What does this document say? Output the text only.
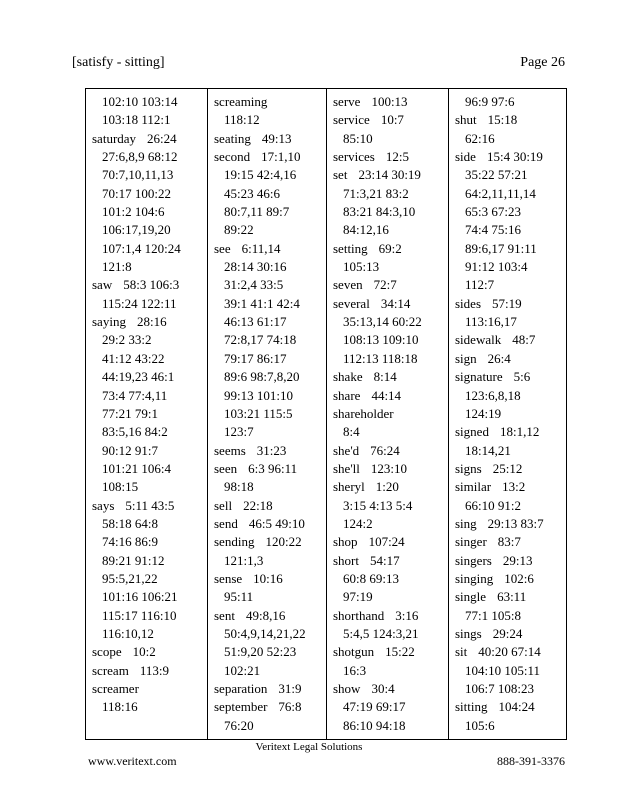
[satisfy - sitting]	Page 26
102:10 103:14
103:18 112:1
saturday 26:24
27:6,8,9 68:12
70:7,10,11,13
70:17 100:22
101:2 104:6
106:17,19,20
107:1,4 120:24
121:8
saw 58:3 106:3
115:24 122:11
saying 28:16
29:2 33:2
41:12 43:22
44:19,23 46:1
73:4 77:4,11
77:21 79:1
83:5,16 84:2
90:12 91:7
101:21 106:4
108:15
says 5:11 43:5
58:18 64:8
74:16 86:9
89:21 91:12
95:5,21,22
101:16 106:21
115:17 116:10
116:10,12
scope 10:2
scream 113:9
screamer
118:16
screaming
118:12
seating 49:13
second 17:1,10
19:15 42:4,16
45:23 46:6
80:7,11 89:7
89:22
see 6:11,14
28:14 30:16
31:2,4 33:5
39:1 41:1 42:4
46:13 61:17
72:8,17 74:18
79:17 86:17
89:6 98:7,8,20
99:13 101:10
103:21 115:5
123:7
seems 31:23
seen 6:3 96:11
98:18
sell 22:18
send 46:5 49:10
sending 120:22
121:1,3
sense 10:16
95:11
sent 49:8,16
50:4,9,14,21,22
51:9,20 52:23
102:21
separation 31:9
september 76:8
76:20
serve 100:13
service 10:7
85:10
services 12:5
set 23:14 30:19
71:3,21 83:2
83:21 84:3,10
84:12,16
setting 69:2
105:13
seven 72:7
several 34:14
35:13,14 60:22
108:13 109:10
112:13 118:18
shake 8:14
share 44:14
shareholder
8:4
she'd 76:24
she'll 123:10
sheryl 1:20
3:15 4:13 5:4
124:2
shop 107:24
short 54:17
60:8 69:13
97:19
shorthand 3:16
5:4,5 124:3,21
shotgun 15:22
16:3
show 30:4
47:19 69:17
86:10 94:18
96:9 97:6
shut 15:18
62:16
side 15:4 30:19
35:22 57:21
64:2,11,11,14
65:3 67:23
74:4 75:16
89:6,17 91:11
91:12 103:4
112:7
sides 57:19
113:16,17
sidewalk 48:7
sign 26:4
signature 5:6
123:6,8,18
124:19
signed 18:1,12
18:14,21
signs 25:12
similar 13:2
66:10 91:2
sing 29:13 83:7
singer 83:7
singers 29:13
singing 102:6
single 63:11
77:1 105:8
sings 29:24
sit 40:20 67:14
104:10 105:11
106:7 108:23
sitting 104:24
105:6
Veritext Legal Solutions
www.veritext.com	888-391-3376
